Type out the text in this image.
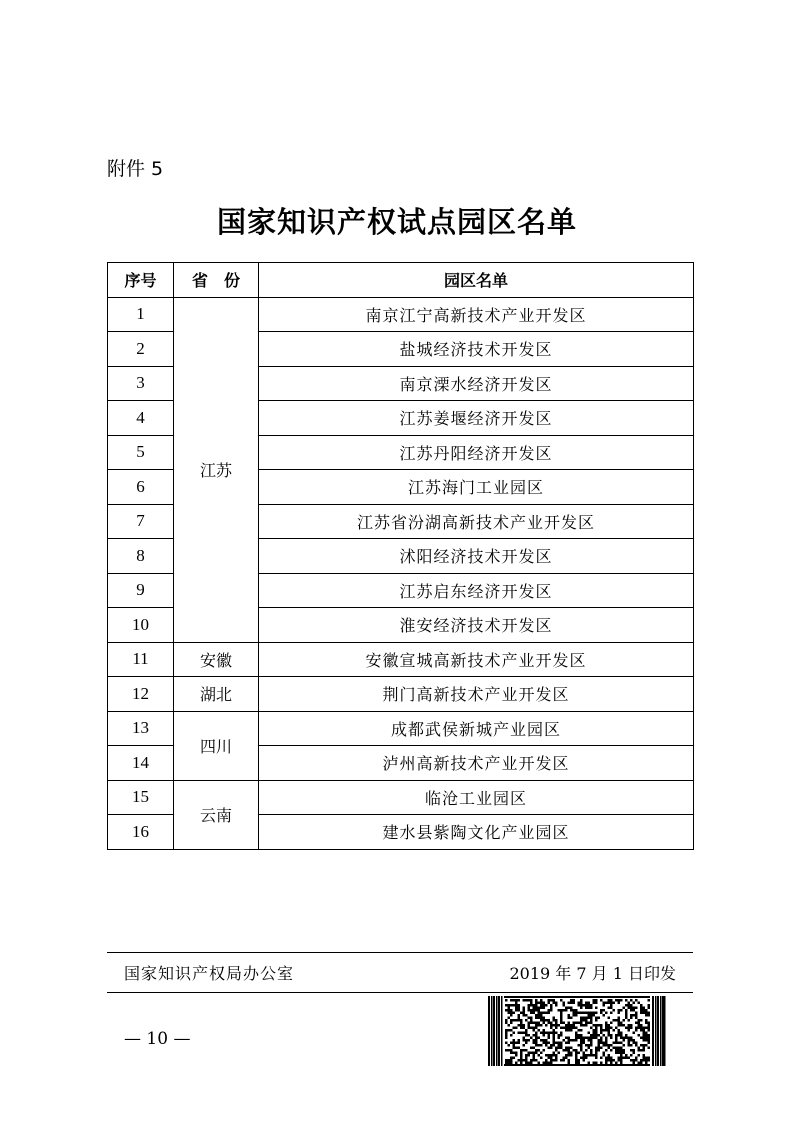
附件 5
国家知识产权试点园区名单
序号	省　份	园区名单
1	江苏	南京江宁高新技术产业开发区
2		盐城经济技术开发区
3		南京溧水经济开发区
4		江苏姜堰经济开发区
5		江苏丹阳经济开发区
6		江苏海门工业园区
7		江苏省汾湖高新技术产业开发区
8		沭阳经济技术开发区
9		江苏启东经济开发区
10		淮安经济技术开发区
11	安徽	安徽宣城高新技术产业开发区
12	湖北	荆门高新技术产业开发区
13	四川	成都武侯新城产业园区
14		泸州高新技术产业开发区
15	云南	临沧工业园区
16		建水县紫陶文化产业园区
国家知识产权局办公室	2019 年 7 月 1 日印发
— 10 —
